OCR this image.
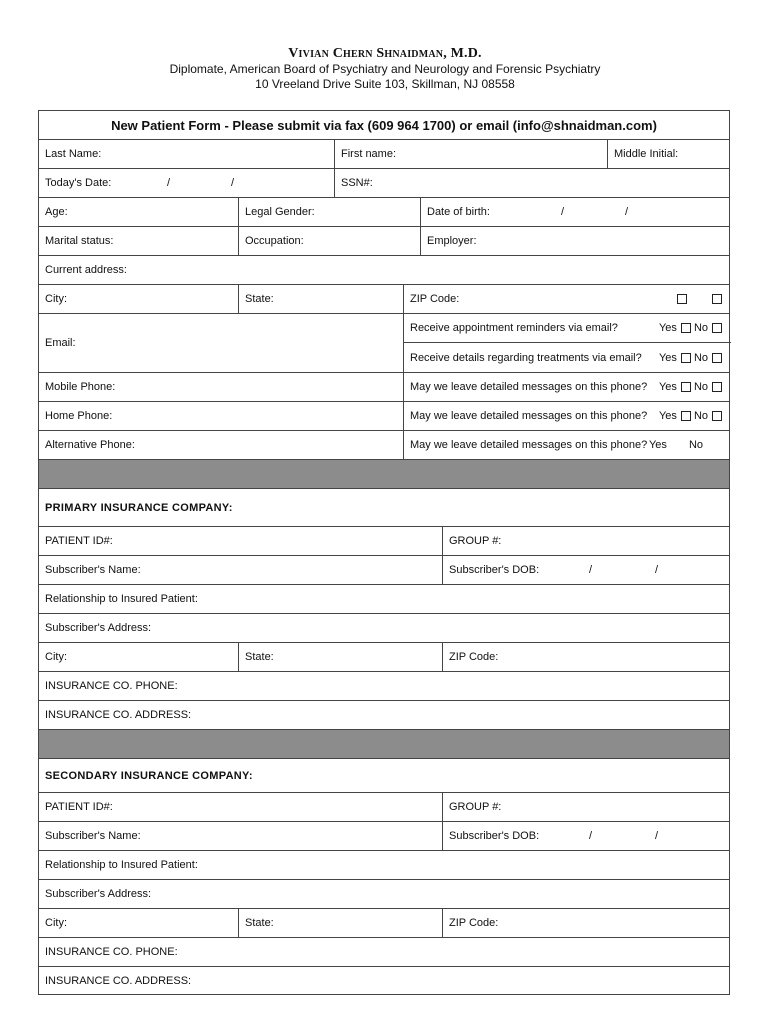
Vivian Chern Shnaidman, M.D.
Diplomate, American Board of Psychiatry and Neurology and Forensic Psychiatry
10 Vreeland Drive Suite 103, Skillman, NJ 08558
New Patient Form - Please submit via fax (609 964 1700) or email (info@shnaidman.com)
Last Name:	First name:	Middle Initial:
Today's Date:	/	/	SSN#:
Age:	Legal Gender:	Date of birth:	/	/
Marital status:	Occupation:	Employer:
Current address:
City:	State:	ZIP Code:
Email:
Receive appointment reminders via email?	Yes No
Receive details regarding treatments via email? Yes No
Mobile Phone:	May we leave detailed messages on this phone? Yes No
Home Phone:	May we leave detailed messages on this phone? Yes No
Alternative Phone:	May we leave detailed messages on this phone? Yes No
PRIMARY INSURANCE COMPANY:
PATIENT ID#:	GROUP #:
Subscriber's Name:	Subscriber's DOB:	/	/
Relationship to Insured Patient:
Subscriber's Address:
City:	State:	ZIP Code:
INSURANCE CO. PHONE:
INSURANCE CO. ADDRESS:
SECONDARY INSURANCE COMPANY:
PATIENT ID#:	GROUP #:
Subscriber's Name:	Subscriber's DOB:	/	/
Relationship to Insured Patient:
Subscriber's Address:
City:	State:	ZIP Code:
INSURANCE CO. PHONE:
INSURANCE CO. ADDRESS:
